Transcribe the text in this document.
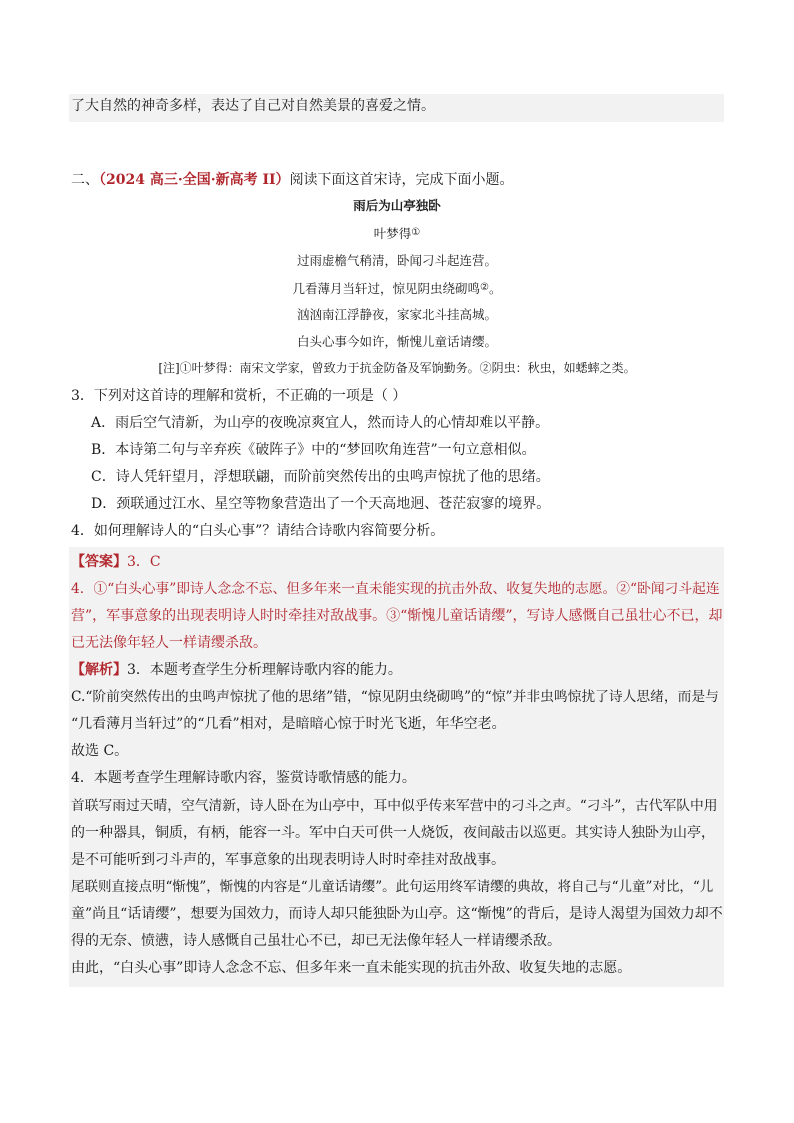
了大自然的神奇多样，表达了自己对自然美景的喜爱之情。
二、（2024 高三·全国·新高考 II）阅读下面这首宋诗，完成下面小题。
雨后为山亭独卧
叶梦得①
过雨虚檐气稍清，卧闻刁斗起连营。
几看薄月当轩过，惊见阴虫绕砌鸣②。
汹汹南江浮静夜，家家北斗挂高城。
白头心事今如许，惭愧儿童话请缨。
[注]①叶梦得：南宋文学家，曾致力于抗金防备及军饷勤务。②阴虫：秋虫，如蟋蟀之类。
3．下列对这首诗的理解和赏析，不正确的一项是（ ）
A．雨后空气清新，为山亭的夜晚凉爽宜人，然而诗人的心情却难以平静。
B．本诗第二句与辛弃疾《破阵子》中的“梦回吹角连营”一句立意相似。
C．诗人凭轩望月，浮想联翩，而阶前突然传出的虫鸣声惊扰了他的思绪。
D．颈联通过江水、星空等物象营造出了一个天高地迥、苍茫寂寥的境界。
4．如何理解诗人的“白头心事”？请结合诗歌内容简要分析。
【答案】3．C
4．①“白头心事”即诗人念念不忘、但多年来一直未能实现的抗击外敌、收复失地的志愿。②“卧闻刁斗起连
营”，军事意象的出现表明诗人时时牵挂对敌战事。③“惭愧儿童话请缨”，写诗人感慨自己虽壮心不已，却
已无法像年轻人一样请缨杀敌。
【解析】3．本题考查学生分析理解诗歌内容的能力。
C.“阶前突然传出的虫鸣声惊扰了他的思绪”错，“惊见阴虫绕砌鸣”的“惊”并非虫鸣惊扰了诗人思绪，而是与
“几看薄月当轩过”的“几看”相对，是暗暗心惊于时光飞逝，年华空老。
故选 C。
4．本题考查学生理解诗歌内容，鉴赏诗歌情感的能力。
首联写雨过天晴，空气清新，诗人卧在为山亭中，耳中似乎传来军营中的刁斗之声。“刁斗”，古代军队中用
的一种器具，铜质，有柄，能容一斗。军中白天可供一人烧饭，夜间敲击以巡更。其实诗人独卧为山亭，
是不可能听到刁斗声的，军事意象的出现表明诗人时时牵挂对敌战事。
尾联则直接点明“惭愧”，惭愧的内容是“儿童话请缨”。此句运用终军请缨的典故，将自己与“儿童”对比，“儿
童”尚且“话请缨”，想要为国效力，而诗人却只能独卧为山亭。这“惭愧”的背后，是诗人渴望为国效力却不
得的无奈、愤懑，诗人感慨自己虽壮心不已，却已无法像年轻人一样请缨杀敌。
由此，“白头心事”即诗人念念不忘、但多年来一直未能实现的抗击外敌、收复失地的志愿。
